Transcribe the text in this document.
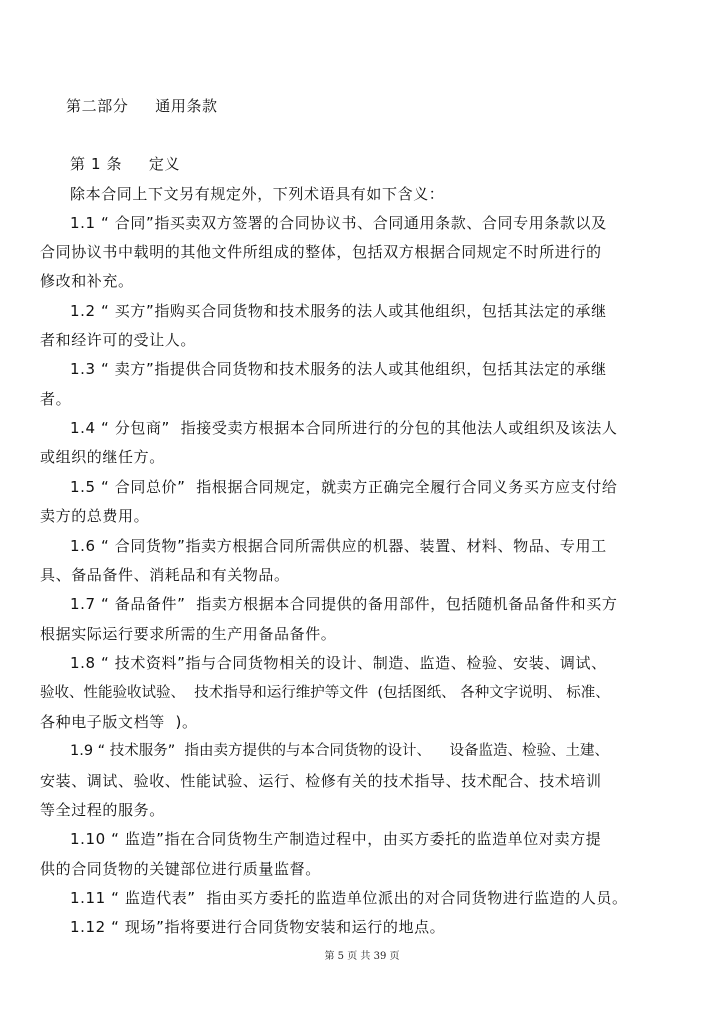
第二部分     通用条款
第 1 条     定义
除本合同上下文另有规定外，下列术语具有如下含义：
1.1 “ 合同”指买卖双方签署的合同协议书、合同通用条款、合同专用条款以及
合同协议书中载明的其他文件所组成的整体，包括双方根据合同规定不时所进行的
修改和补充。
1.2 “ 买方”指购买合同货物和技术服务的法人或其他组织，包括其法定的承继
者和经许可的受让人。
1.3 “ 卖方”指提供合同货物和技术服务的法人或其他组织，包括其法定的承继
者。
1.4 “ 分包商”  指接受卖方根据本合同所进行的分包的其他法人或组织及该法人
或组织的继任方。
1.5 “ 合同总价”  指根据合同规定，就卖方正确完全履行合同义务买方应支付给
卖方的总费用。
1.6 “ 合同货物”指卖方根据合同所需供应的机器、装置、材料、物品、专用工
具、备品备件、消耗品和有关物品。
1.7 “ 备品备件”  指卖方根据本合同提供的备用部件，包括随机备品备件和买方
根据实际运行要求所需的生产用备品备件。
1.8 “ 技术资料”指与合同货物相关的设计、制造、监造、检验、安装、调试、
验收、性能验收试验、  技术指导和运行维护等文件  (包括图纸、 各种文字说明、 标准、
各种电子版文档等  )。
1.9 “ 技术服务”  指由卖方提供的与本合同货物的设计、    设备监造、检验、土建、
安装、调试、验收、性能试验、运行、检修有关的技术指导、技术配合、技术培训
等全过程的服务。
1.10 “ 监造”指在合同货物生产制造过程中，由买方委托的监造单位对卖方提
供的合同货物的关键部位进行质量监督。
1.11 “ 监造代表”  指由买方委托的监造单位派出的对合同货物进行监造的人员。
1.12 “ 现场”指将要进行合同货物安装和运行的地点。
第 5 页 共 39 页
